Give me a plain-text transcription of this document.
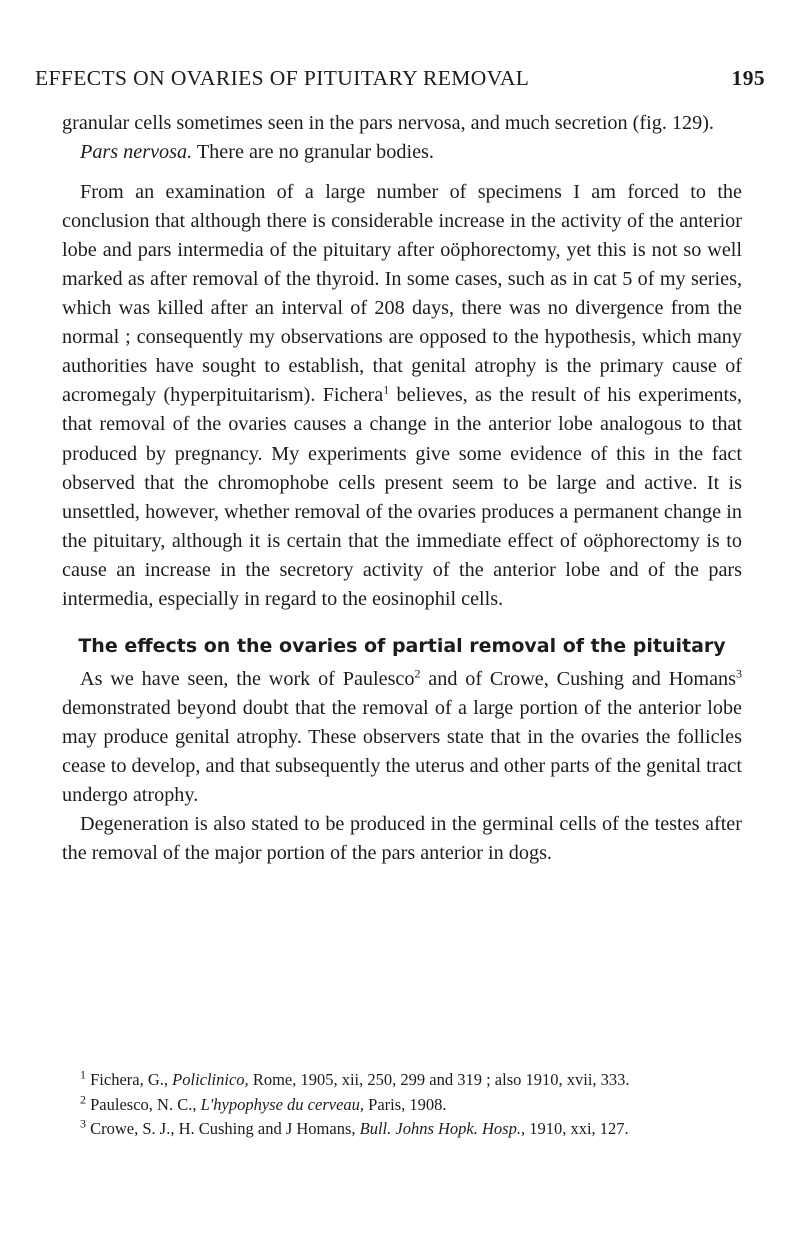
EFFECTS ON OVARIES OF PITUITARY REMOVAL	195

granular cells sometimes seen in the pars nervosa, and much secretion (fig. 129).

Pars nervosa. There are no granular bodies.

From an examination of a large number of specimens I am forced to the conclusion that although there is considerable increase in the activity of the anterior lobe and pars intermedia of the pituitary after oöphorectomy, yet this is not so well marked as after removal of the thyroid. In some cases, such as in cat 5 of my series, which was killed after an interval of 208 days, there was no divergence from the normal ; consequently my observations are opposed to the hypothesis, which many authorities have sought to establish, that genital atrophy is the primary cause of acromegaly (hyperpituitarism). Fichera$^1$ believes, as the result of his experiments, that removal of the ovaries causes a change in the anterior lobe analogous to that produced by pregnancy. My experiments give some evidence of this in the fact observed that the chromophobe cells present seem to be large and active. It is unsettled, however, whether removal of the ovaries produces a permanent change in the pituitary, although it is certain that the immediate effect of oöphorectomy is to cause an increase in the secretory activity of the anterior lobe and of the pars intermedia, especially in regard to the eosinophil cells.

The effects on the ovaries of partial removal of the pituitary

As we have seen, the work of Paulesco$^2$ and of Crowe, Cushing and Homans$^3$ demonstrated beyond doubt that the removal of a large portion of the anterior lobe may produce genital atrophy. These observers state that in the ovaries the follicles cease to develop, and that subsequently the uterus and other parts of the genital tract undergo atrophy.

Degeneration is also stated to be produced in the germinal cells of the testes after the removal of the major portion of the pars anterior in dogs.

$^1$ Fichera, G., Policlinico, Rome, 1905, xii, 250, 299 and 319 ; also 1910, xvii, 333.

$^2$ Paulesco, N. C., L'hypophyse du cerveau, Paris, 1908.

$^3$ Crowe, S. J., H. Cushing and J Homans, Bull. Johns Hopk. Hosp., 1910, xxi, 127.
